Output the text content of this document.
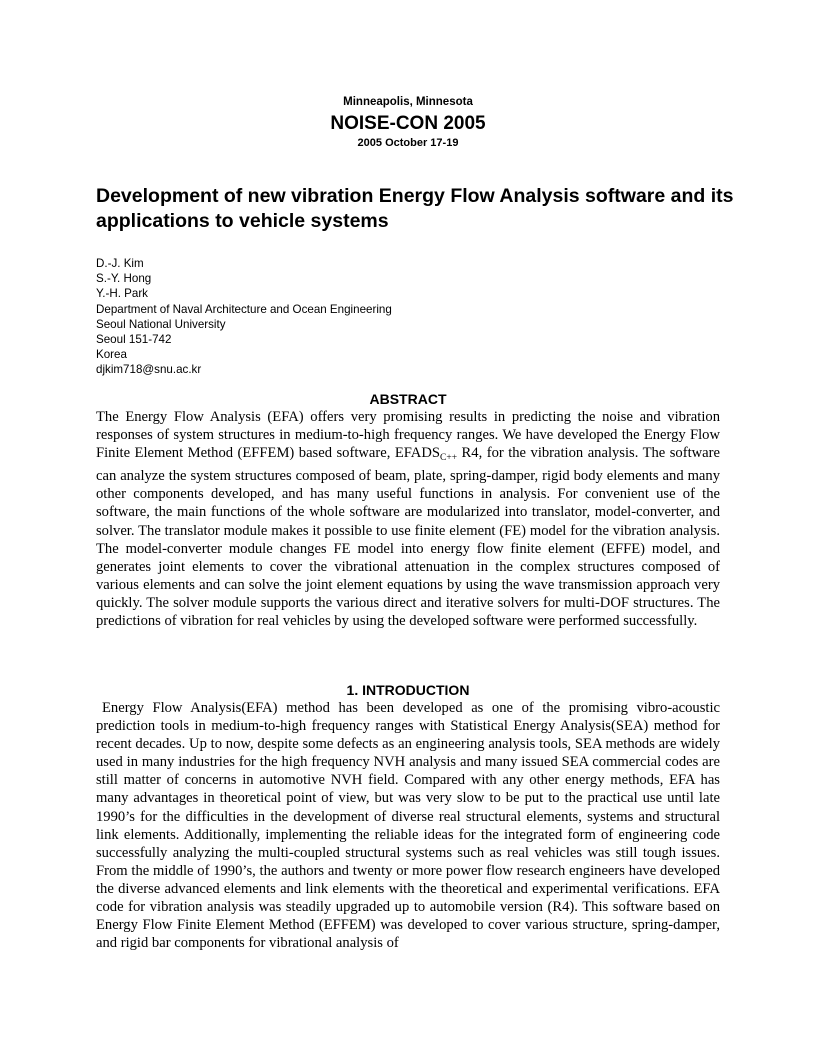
Minneapolis, Minnesota
NOISE-CON 2005
2005 October 17-19
Development of new vibration Energy Flow Analysis software and its applications to vehicle systems
D.-J. Kim
S.-Y. Hong
Y.-H. Park
Department of Naval Architecture and Ocean Engineering
Seoul National University
Seoul 151-742
Korea
djkim718@snu.ac.kr
ABSTRACT
The Energy Flow Analysis (EFA) offers very promising results in predicting the noise and vibration responses of system structures in medium-to-high frequency ranges. We have developed the Energy Flow Finite Element Method (EFFEM) based software, $EFADS_{C++}$ R4, for the vibration analysis. The software can analyze the system structures composed of beam, plate, spring-damper, rigid body elements and many other components developed, and has many useful functions in analysis. For convenient use of the software, the main functions of the whole software are modularized into translator, model-converter, and solver. The translator module makes it possible to use finite element (FE) model for the vibration analysis. The model-converter module changes FE model into energy flow finite element (EFFE) model, and generates joint elements to cover the vibrational attenuation in the complex structures composed of various elements and can solve the joint element equations by using the wave transmission approach very quickly. The solver module supports the various direct and iterative solvers for multi-DOF structures. The predictions of vibration for real vehicles by using the developed software were performed successfully.
1. INTRODUCTION
Energy Flow Analysis(EFA) method has been developed as one of the promising vibro-acoustic prediction tools in medium-to-high frequency ranges with Statistical Energy Analysis(SEA) method for recent decades. Up to now, despite some defects as an engineering analysis tools, SEA methods are widely used in many industries for the high frequency NVH analysis and many issued SEA commercial codes are still matter of concerns in automotive NVH field. Compared with any other energy methods, EFA has many advantages in theoretical point of view, but was very slow to be put to the practical use until late 1990’s for the difficulties in the development of diverse real structural elements, systems and structural link elements. Additionally, implementing the reliable ideas for the integrated form of engineering code successfully analyzing the multi-coupled structural systems such as real vehicles was still tough issues. From the middle of 1990’s, the authors and twenty or more power flow research engineers have developed the diverse advanced elements and link elements with the theoretical and experimental verifications. EFA code for vibration analysis was steadily upgraded up to automobile version (R4). This software based on Energy Flow Finite Element Method (EFFEM) was developed to cover various structure, spring-damper, and rigid bar components for vibrational analysis of
